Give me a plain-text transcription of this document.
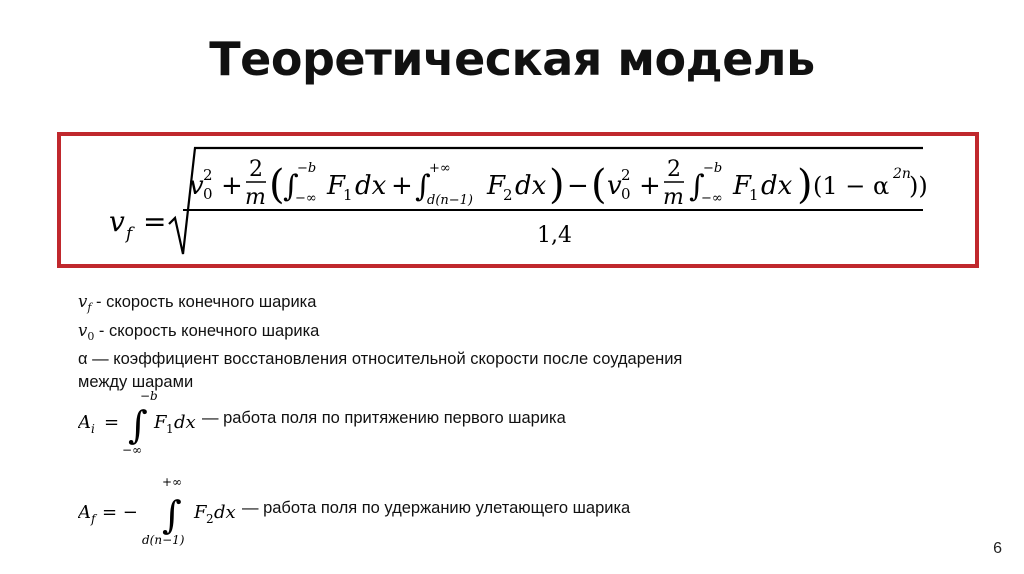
Теоретическая модель
v f =
v 2
0 +
2
m (
∫
−b
−∞ F
1 dx + ∫
+∞
d(n−1) F
2 dx ) − ( v 2
0 +
2
m ∫
−b
−∞ F
1 dx ) (1 − α 2n
))
1,4
$v_f$ - скорость конечного шарика
$v_0$ - скорость конечного шарика
α — коэффициент восстановления относительной скорости после соударения
между шарами
A i =
−b
∫
−∞
F 1 dx — работа поля по притяжению первого шарика
A f = −
+∞
∫
d(n−1)
F 2 dx — работа поля по удержанию улетающего шарика
6
